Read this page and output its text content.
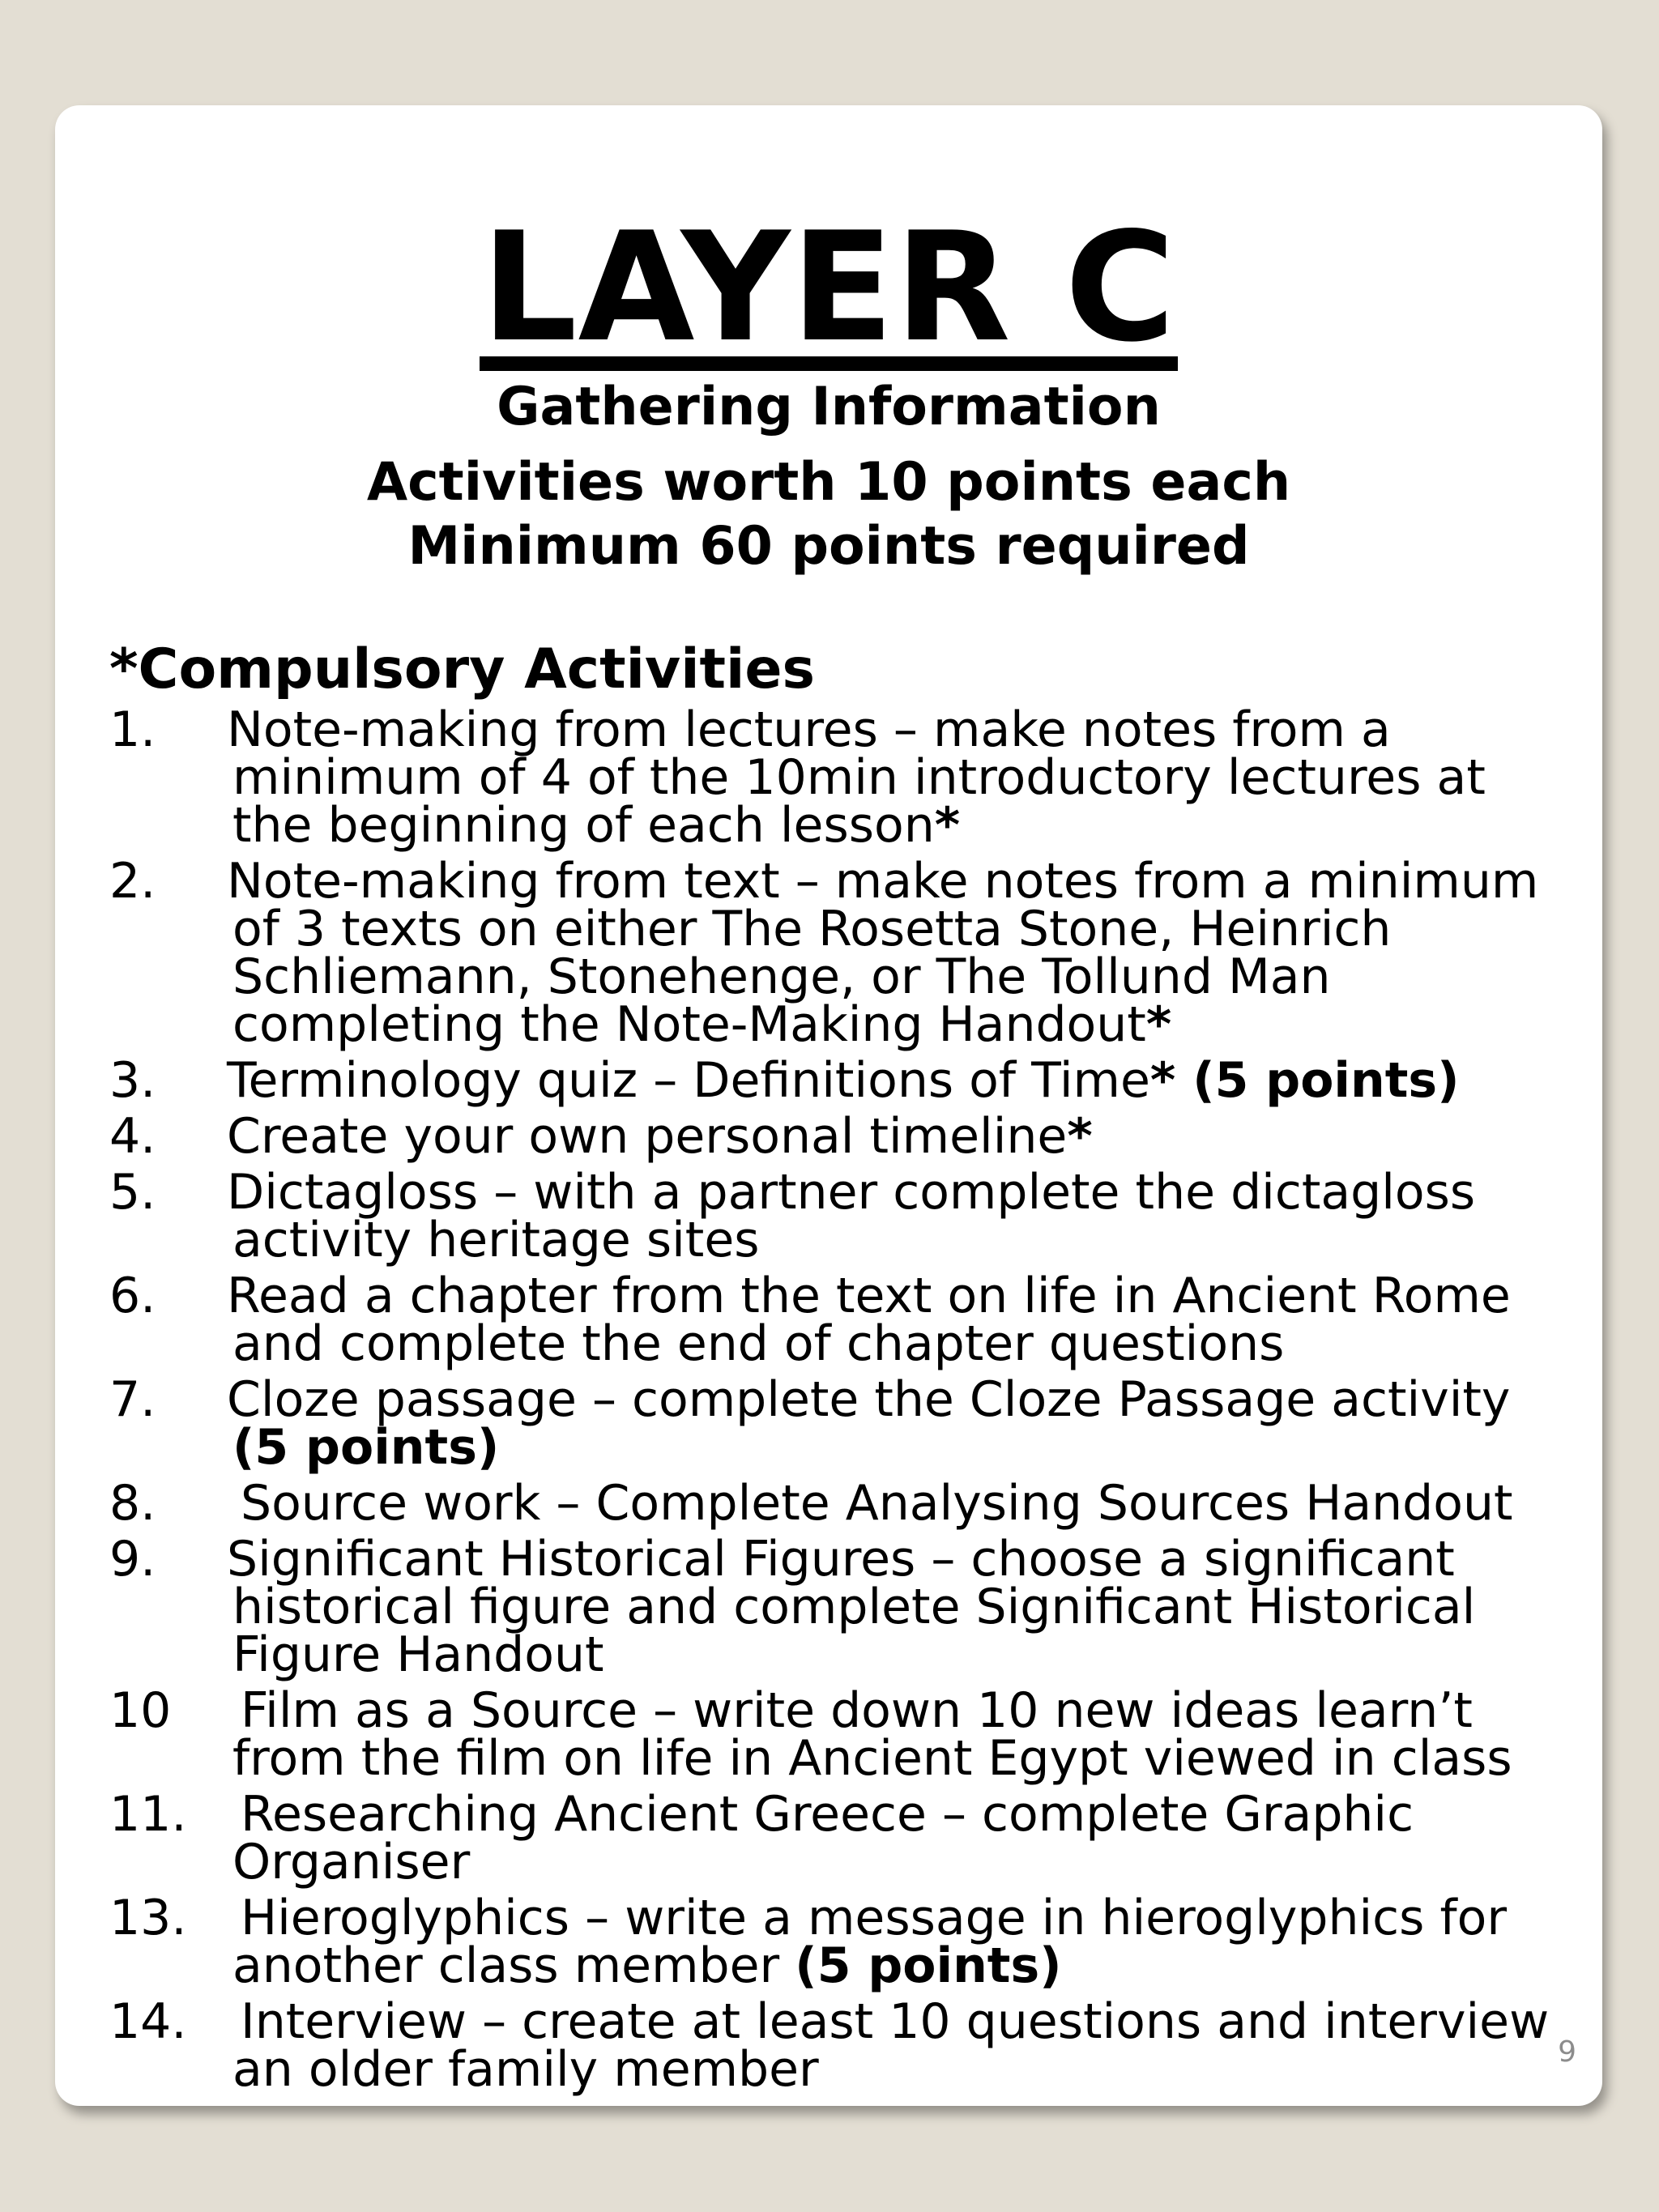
LAYER C
Gathering Information
Activities worth 10 points each
Minimum 60 points required
*Compulsory Activities
1.	Note-making from lectures – make notes from a minimum of 4 of the 10min introductory lectures at the beginning of each lesson*
2.	Note-making from text – make notes from a minimum of 3 texts on either The Rosetta Stone, Heinrich Schliemann, Stonehenge, or The Tollund Man completing the Note-Making Handout*
3.	Terminology quiz – Definitions of Time* (5 points)
4.	Create your own personal timeline*
5.	Dictagloss – with a partner complete the dictagloss activity heritage sites
6.	Read a chapter from the text on life in Ancient Rome and complete the end of chapter questions
7.	Cloze passage – complete the Cloze Passage activity (5 points)
8.	Source work – Complete Analysing Sources Handout
9.	Significant Historical Figures – choose a significant historical figure and complete Significant Historical Figure Handout
10	Film as a Source – write down 10 new ideas learn’t from the film on life in Ancient Egypt viewed in class
11.	Researching Ancient Greece – complete Graphic Organiser
13.	Hieroglyphics – write a message in hieroglyphics for another class member (5 points)
14.	Interview – create at least 10 questions and interview an older family member	9
